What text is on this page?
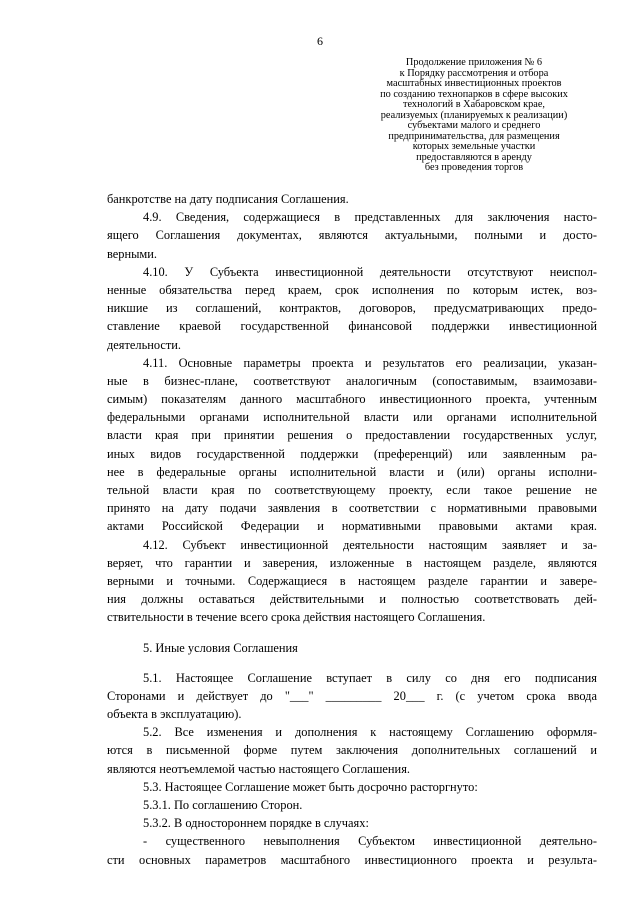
6
Продолжение приложения № 6
к Порядку рассмотрения и отбора
масштабных инвестиционных проектов
по созданию технопарков в сфере высоких
технологий в Хабаровском крае,
реализуемых (планируемых к реализации)
субъектами малого и среднего
предпринимательства, для размещения
которых земельные участки
предоставляются в аренду
без проведения торгов
банкротстве на дату подписания Соглашения.
4.9. Сведения, содержащиеся в представленных для заключения насто-
ящего Соглашения документах, являются актуальными, полными и досто-
верными.
4.10. У Субъекта инвестиционной деятельности отсутствуют неиспол-
ненные обязательства перед краем, срок исполнения по которым истек, воз-
никшие из соглашений, контрактов, договоров, предусматривающих предо-
ставление краевой государственной финансовой поддержки инвестиционной
деятельности.
4.11. Основные параметры проекта и результатов его реализации, указан-
ные в бизнес-плане, соответствуют аналогичным (сопоставимым, взаимозави-
симым) показателям данного масштабного инвестиционного проекта, учтенным
федеральными органами исполнительной власти или органами исполнительной
власти края при принятии решения о предоставлении государственных услуг,
иных видов государственной поддержки (преференций) или заявленным ра-
нее в федеральные органы исполнительной власти и (или) органы исполни-
тельной власти края по соответствующему проекту, если такое решение не
принято на дату подачи заявления в соответствии с нормативными правовыми
актами Российской Федерации и нормативными правовыми актами края.
4.12. Субъект инвестиционной деятельности настоящим заявляет и за-
веряет, что гарантии и заверения, изложенные в настоящем разделе, являются
верными и точными. Содержащиеся в настоящем разделе гарантии и завере-
ния должны оставаться действительными и полностью соответствовать дей-
ствительности в течение всего срока действия настоящего Соглашения.
5. Иные условия Соглашения
5.1. Настоящее Соглашение вступает в силу со дня его подписания
Сторонами и действует до "___" _________ 20___ г. (с учетом срока ввода
объекта в эксплуатацию).
5.2. Все изменения и дополнения к настоящему Соглашению оформля-
ются в письменной форме путем заключения дополнительных соглашений и
являются неотъемлемой частью настоящего Соглашения.
5.3. Настоящее Соглашение может быть досрочно расторгнуто:
5.3.1. По соглашению Сторон.
5.3.2. В одностороннем порядке в случаях:
- существенного невыполнения Субъектом инвестиционной деятельно-
сти основных параметров масштабного инвестиционного проекта и результа-
